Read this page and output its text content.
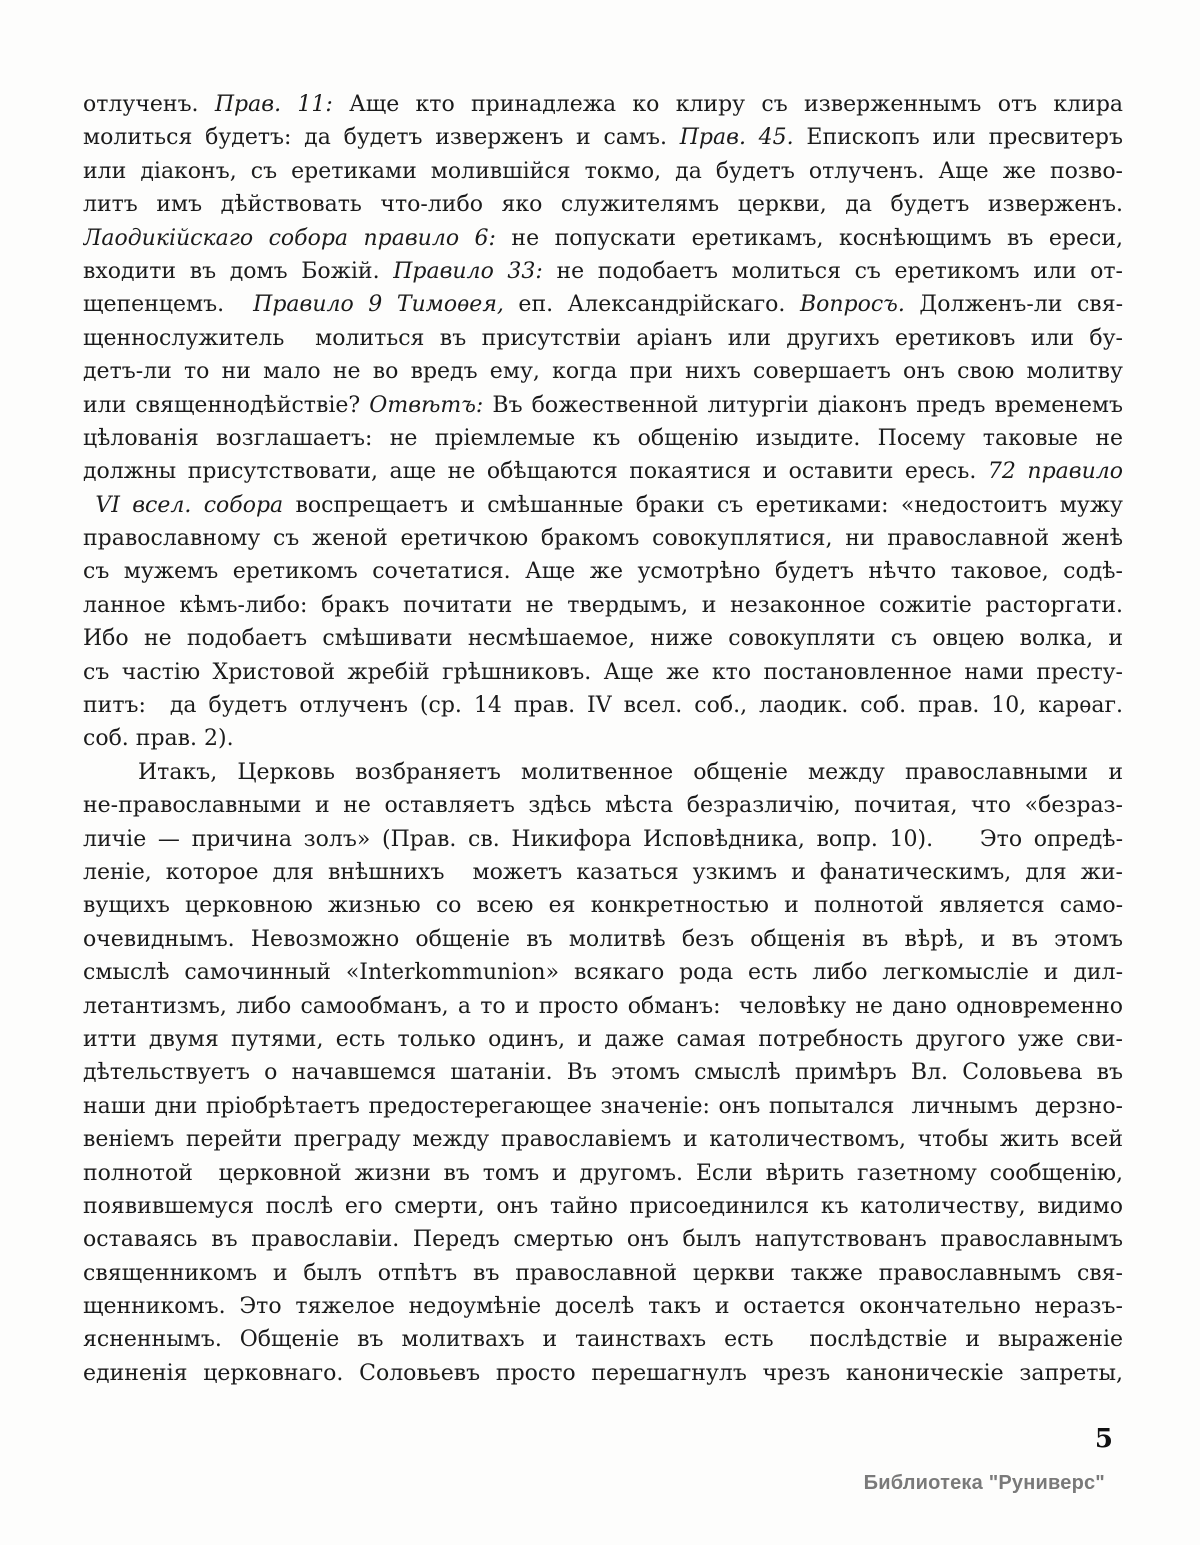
отлученъ. Прав. 11: Аще кто принадлежа ко клиру съ изверженнымъ отъ клира
молиться будетъ: да будетъ изверженъ и самъ. Прав. 45. Епископъ или пресвитеръ
или діаконъ, съ еретиками молившійся токмо, да будетъ отлученъ. Аще же позво-
литъ имъ дѣйствовать что-либо яко служителямъ церкви, да будетъ изверженъ.
Лаодикійскаго собора правило 6: не попускати еретикамъ, коснѣющимъ въ ереси,
входити въ домъ Божій. Правило 33: не подобаетъ молиться съ еретикомъ или от-
щепенцемъ.  Правило 9 Тимоѳея, еп. Александрійскаго. Вопросъ. Долженъ-ли свя-
щеннослужитель  молиться въ присутствіи аріанъ или другихъ еретиковъ или бу-
детъ-ли то ни мало не во вредъ ему, когда при нихъ совершаетъ онъ свою молитву
или священнодѣйствіе? Отвѣтъ: Въ божественной литургіи діаконъ предъ временемъ
цѣлованія возглашаетъ: не пріемлемые къ общенію изыдите. Посему таковые не
должны присутствовати, аще не обѣщаются покаятися и оставити ересь. 72 правило
VI всел. собора воспрещаетъ и смѣшанные браки съ еретиками: «недостоитъ мужу
православному съ женой еретичкою бракомъ совокуплятися, ни православной женѣ
съ мужемъ еретикомъ сочетатися. Аще же усмотрѣно будетъ нѣчто таковое, содѣ-
ланное кѣмъ-либо: бракъ почитати не твердымъ, и незаконное сожитіе расторгати.
Ибо не подобаетъ смѣшивати несмѣшаемое, ниже совокупляти съ овцею волка, и
съ частію Христовой жребій грѣшниковъ. Аще же кто постановленное нами престу-
питъ:  да будетъ отлученъ (ср. 14 прав. IV всел. соб., лаодик. соб. прав. 10, карѳаг.
соб. прав. 2).
Итакъ, Церковь возбраняетъ молитвенное общеніе между православными и
не-православными и не оставляетъ здѣсь мѣста безразличію, почитая, что «безраз-
личіе — причина золъ» (Прав. св. Никифора Исповѣдника, вопр. 10).    Это опредѣ-
леніе, которое для внѣшнихъ  можетъ казаться узкимъ и фанатическимъ, для жи-
вущихъ церковною жизнью со всею ея конкретностью и полнотой является само-
очевиднымъ. Невозможно общеніе въ молитвѣ безъ общенія въ вѣрѣ, и въ этомъ
смыслѣ самочинный «Interkommunion» всякаго рода есть либо легкомысліе и дил-
летантизмъ, либо самообманъ, а то и просто обманъ:  человѣку не дано одновременно
итти двумя путями, есть только одинъ, и даже самая потребность другого уже сви-
дѣтельствуетъ о начавшемся шатаніи. Въ этомъ смыслѣ примѣръ Вл. Соловьева въ
наши дни пріобрѣтаетъ предостерегающее значеніе: онъ попытался  личнымъ  дерзно-
веніемъ перейти преграду между православіемъ и католичествомъ, чтобы жить всей
полнотой  церковной жизни въ томъ и другомъ. Если вѣрить газетному сообщенію,
появившемуся послѣ его смерти, онъ тайно присоединился къ католичеству, видимо
оставаясь въ православіи. Передъ смертью онъ былъ напутствованъ православнымъ
священникомъ и былъ отпѣтъ въ православной церкви также православнымъ свя-
щенникомъ. Это тяжелое недоумѣніе доселѣ такъ и остается окончательно неразъ-
ясненнымъ. Общеніе въ молитвахъ и таинствахъ есть  послѣдствіе и выраженіе
единенія церковнаго. Соловьевъ просто перешагнулъ чрезъ каноническіе запреты,
5
Библиотека "Руниверс"
